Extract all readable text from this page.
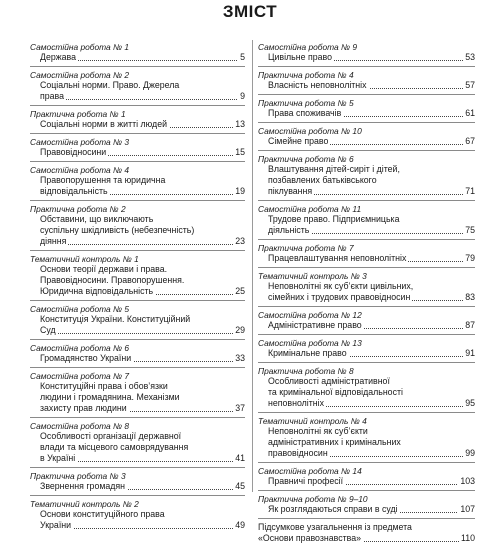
ЗМІСТ
Самостійна робота № 1
Держава	5
Самостійна робота № 2
Соціальні норми. Право. Джерела
права	9
Практична робота № 1
Соціальні норми в житті людей	13
Самостійна робота № 3
Правовідносини	15
Самостійна робота № 4
Правопорушення та юридична
відповідальність	19
Практична робота № 2
Обставини, що виключають
суспільну шкідливість (небезпечність)
діяння	23
Тематичний контроль № 1
Основи теорії держави і права.
Правовідносини. Правопорушення.
Юридична відповідальність	25
Самостійна робота № 5
Конституція України. Конституційний
Суд	29
Самостійна робота № 6
Громадянство України	33
Самостійна робота № 7
Конституційні права і обов’язки
людини і громадянина. Механізми
захисту прав людини	37
Самостійна робота № 8
Особливості організації державної
влади та місцевого самоврядування
в Україні	41
Практична робота № 3
Звернення громадян	45
Тематичний контроль № 2
Основи конституційного права
України	49
Самостійна робота № 9
Цивільне право	53
Практична робота № 4
Власність неповнолітніх	57
Практична робота № 5
Права споживачів	61
Самостійна робота № 10
Сімейне право	67
Практична робота № 6
Влаштування дітей-сиріт і дітей,
позбавлених батьківського
піклування	71
Самостійна робота № 11
Трудове право. Підприємницька
діяльність	75
Практична робота № 7
Працевлаштування неповнолітніх	79
Тематичний контроль № 3
Неповнолітні як суб’єкти цивільних,
сімейних і трудових правовідносин	83
Самостійна робота № 12
Адміністративне право	87
Самостійна робота № 13
Кримінальне право	91
Практична робота № 8
Особливості адміністративної
та кримінальної відповідальності
неповнолітніх	95
Тематичний контроль № 4
Неповнолітні як суб’єкти
адміністративних і кримінальних
правовідносин	99
Самостійна робота № 14
Правничі професії	103
Практична робота № 9–10
Як розглядаються справи в суді	107
Підсумкове узагальнення із предмета
«Основи правознавства»	110
